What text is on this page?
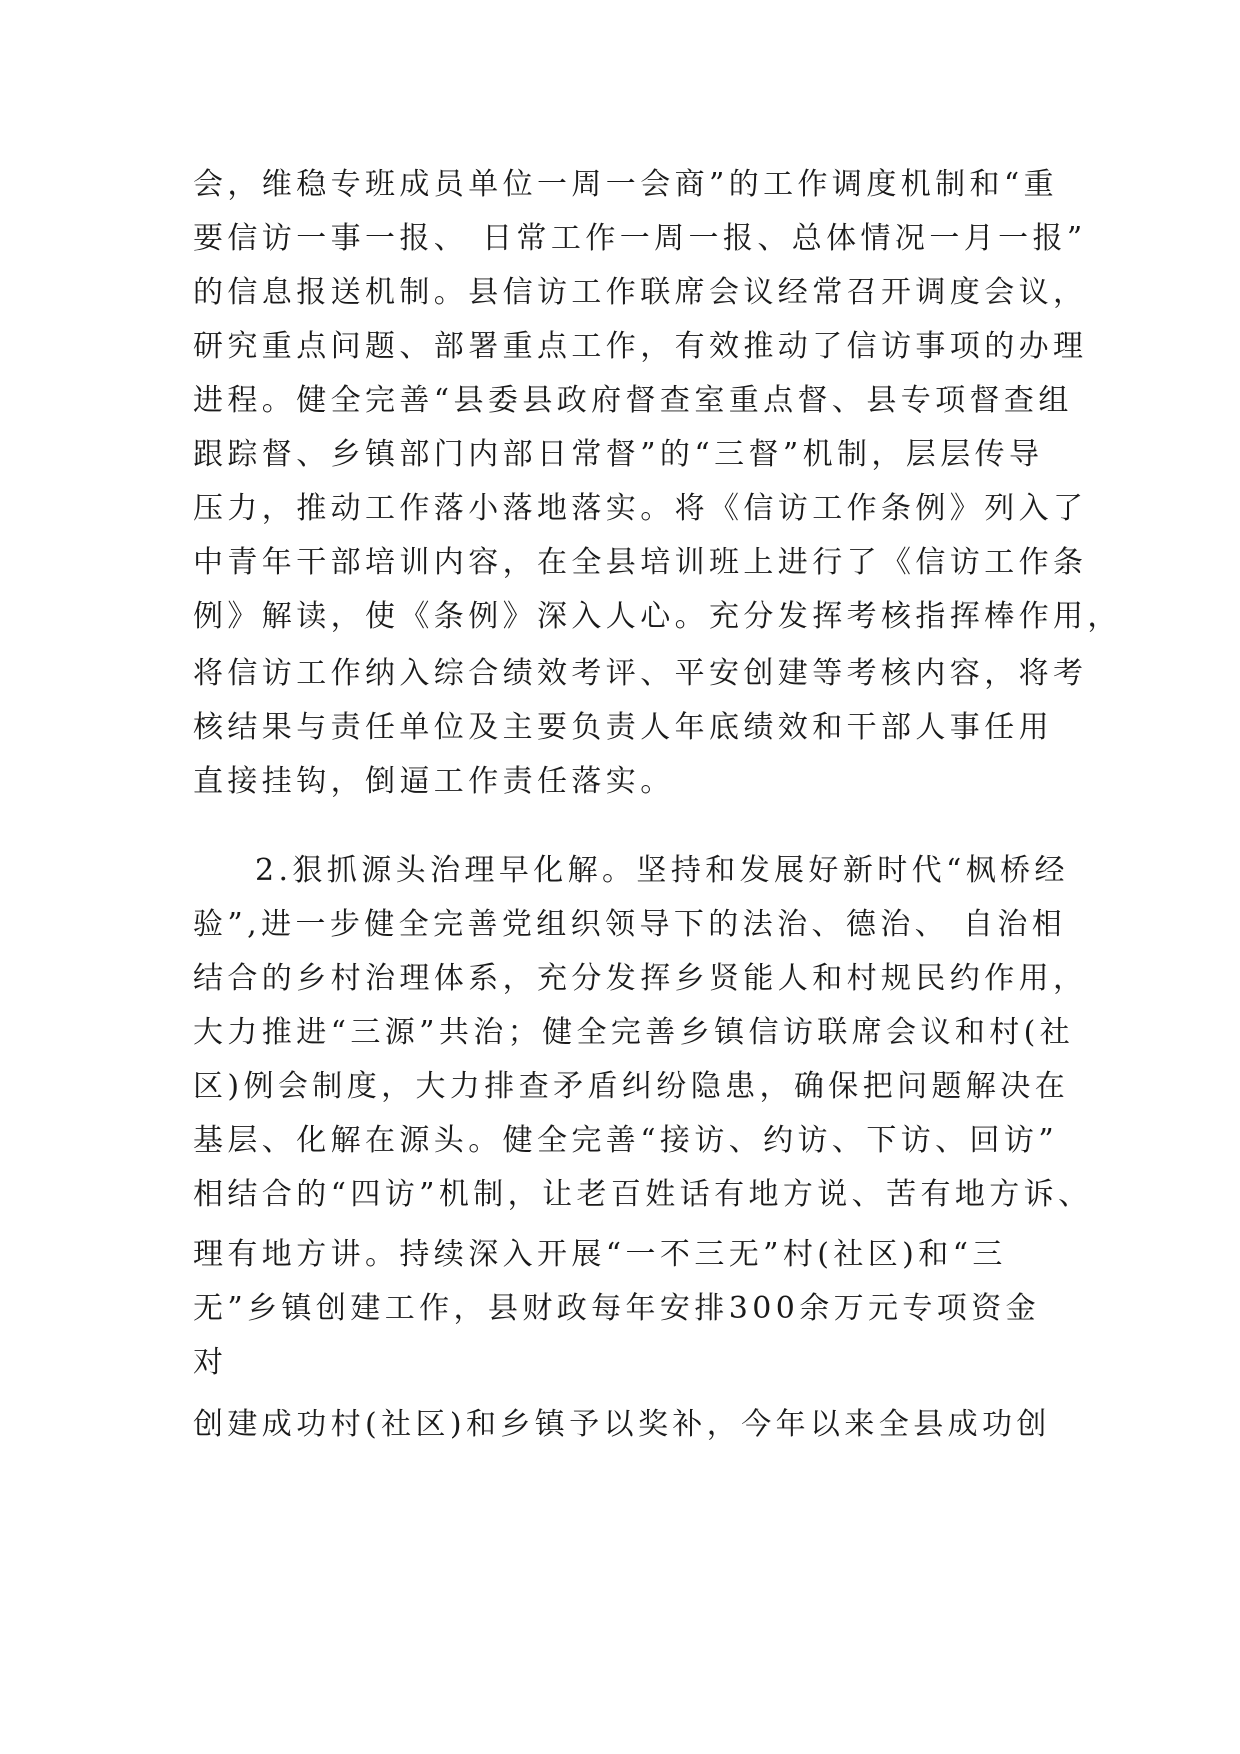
会，维稳专班成员单位一周一会商”的工作调度机制和“重
要信访一事一报、 日常工作一周一报、总体情况一月一报”
的信息报送机制。县信访工作联席会议经常召开调度会议，
研究重点问题、部署重点工作，有效推动了信访事项的办理
进程。健全完善“县委县政府督查室重点督、县专项督查组
跟踪督、乡镇部门内部日常督”的“三督”机制，层层传导
压力，推动工作落小落地落实。将《信访工作条例》列入了
中青年干部培训内容，在全县培训班上进行了《信访工作条
例》解读，使《条例》深入人心。充分发挥考核指挥棒作用，
将信访工作纳入综合绩效考评、平安创建等考核内容，将考
核结果与责任单位及主要负责人年底绩效和干部人事任用
直接挂钩，倒逼工作责任落实。
2.狠抓源头治理早化解。坚持和发展好新时代“枫桥经
验”,进一步健全完善党组织领导下的法治、德治、 自治相
结合的乡村治理体系，充分发挥乡贤能人和村规民约作用，
大力推进“三源”共治；健全完善乡镇信访联席会议和村(社
区)例会制度，大力排查矛盾纠纷隐患，确保把问题解决在
基层、化解在源头。健全完善“接访、约访、下访、回访”
相结合的“四访”机制，让老百姓话有地方说、苦有地方诉、
理有地方讲。持续深入开展“一不三无”村(社区)和“三
无”乡镇创建工作，县财政每年安排300余万元专项资金
对
创建成功村(社区)和乡镇予以奖补，今年以来全县成功创
